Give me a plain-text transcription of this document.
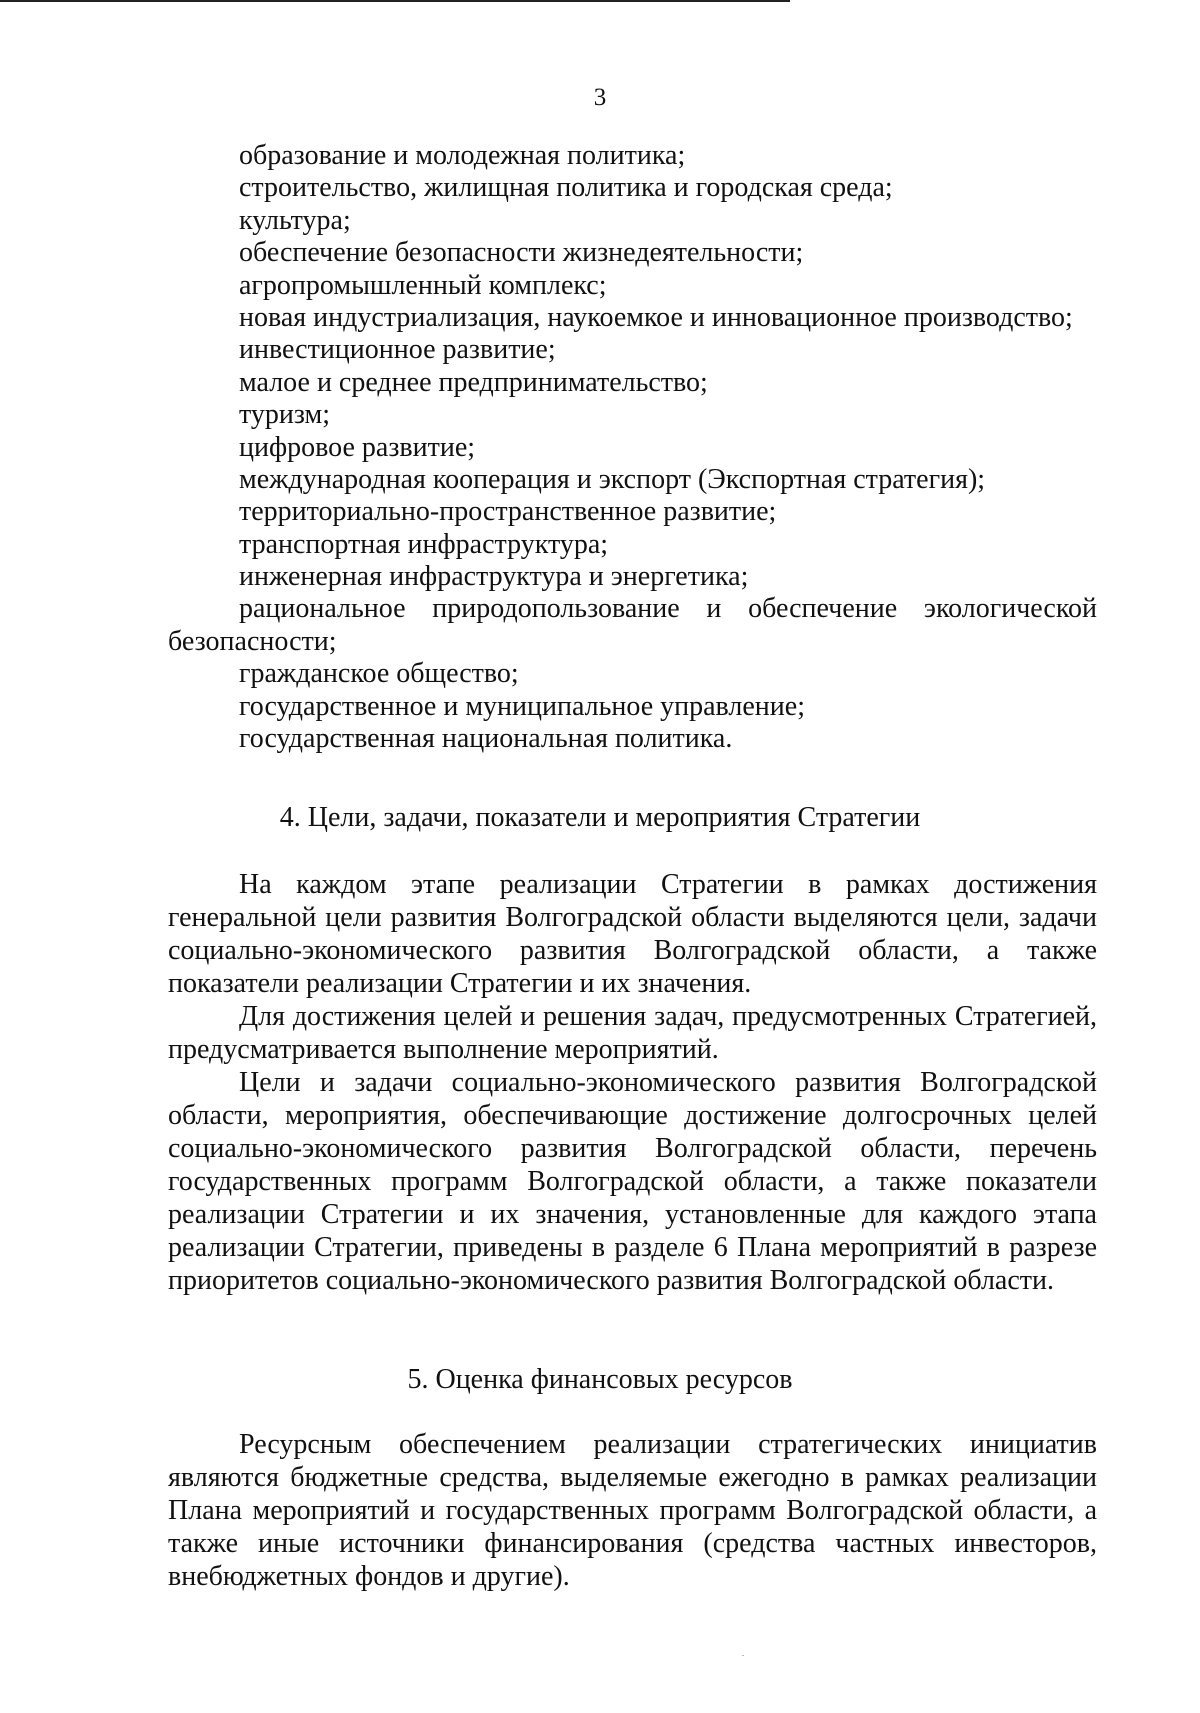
3
образование и молодежная политика;
строительство, жилищная политика и городская среда;
культура;
обеспечение безопасности жизнедеятельности;
агропромышленный комплекс;
новая индустриализация, наукоемкое и инновационное производство;
инвестиционное развитие;
малое и среднее предпринимательство;
туризм;
цифровое развитие;
международная кооперация и экспорт (Экспортная стратегия);
территориально-пространственное развитие;
транспортная инфраструктура;
инженерная инфраструктура и энергетика;
рациональное природопользование и обеспечение экологической безопасности;
гражданское общество;
государственное и муниципальное управление;
государственная национальная политика.
4. Цели, задачи, показатели и мероприятия Стратегии

На каждом этапе реализации Стратегии в рамках достижения генеральной цели развития Волгоградской области выделяются цели, задачи социально-экономического развития Волгоградской области, а также показатели реализации Стратегии и их значения.

Для достижения целей и решения задач, предусмотренных Стратегией, предусматривается выполнение мероприятий.

Цели и задачи социально-экономического развития Волгоградской области, мероприятия, обеспечивающие достижение долгосрочных целей социально-экономического развития Волгоградской области, перечень государственных программ Волгоградской области, а также показатели реализации Стратегии и их значения, установленные для каждого этапа реализации Стратегии, приведены в разделе 6 Плана мероприятий в разрезе приоритетов социально-экономического развития Волгоградской области.

5. Оценка финансовых ресурсов

Ресурсным обеспечением реализации стратегических инициатив являются бюджетные средства, выделяемые ежегодно в рамках реализации Плана мероприятий и государственных программ Волгоградской области, а также иные источники финансирования (средства частных инвесторов, внебюджетных фондов и другие).
